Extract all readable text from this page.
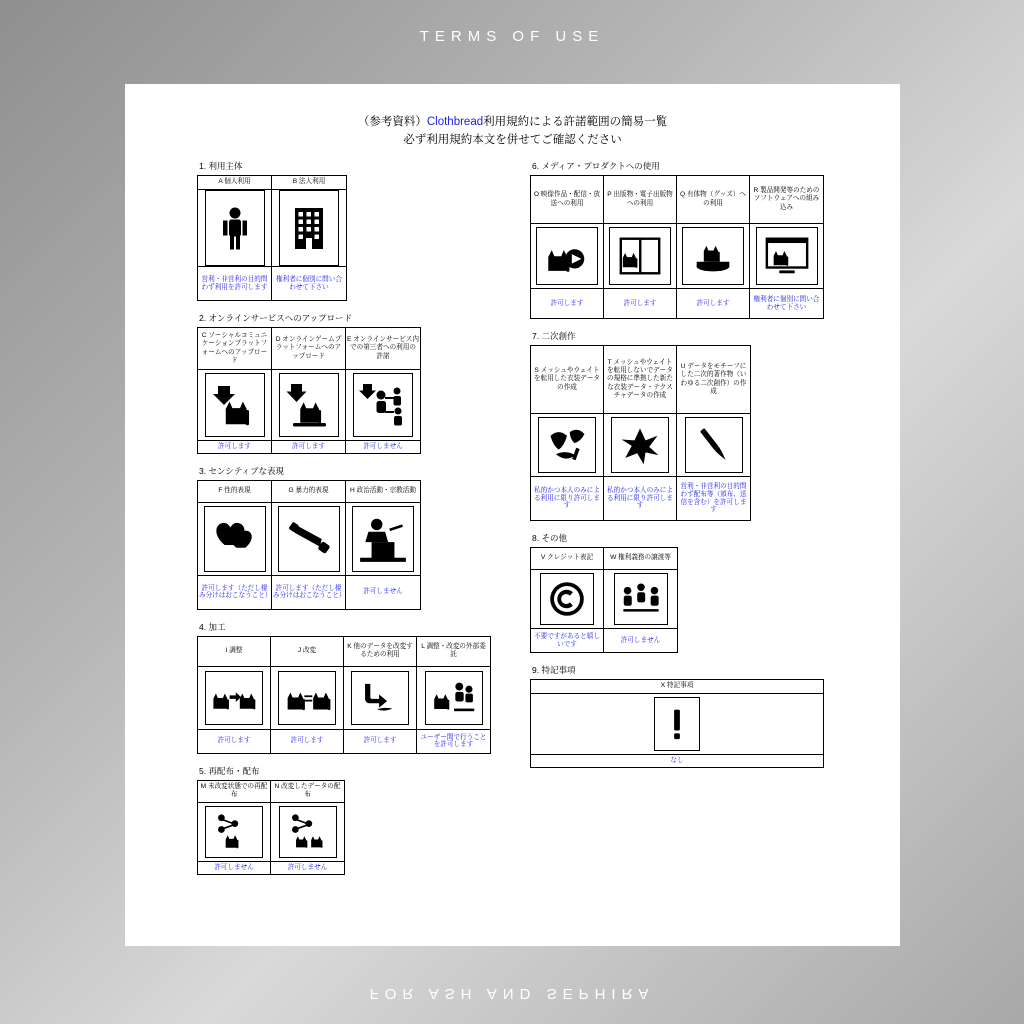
TERMS OF USE
FOR ASH AND SEPHIRA
（参考資料）Clothbread利用規約による許諾範囲の簡易一覧
必ず利用規約本文を併せてご確認ください
1. 利用主体
A 個人利用
営利・非営利の目的問わず利用を許可します
B 法人利用
権利者に個別に問い合わせて下さい
2. オンラインサービスへのアップロード
C ソーシャルコミュニケーションプラットフォームへのアップロード
許可します
D オンラインゲームプラットフォームへのアップロード
許可します
E オンラインサービス内での第三者への利用の許諾
許可しません
3. センシティブな表現
F 性的表現
許可します（ただし棲み分けはおこなうこと）
G 暴力的表現
許可します（ただし棲み分けはおこなうこと）
H 政治活動・宗教活動
許可しません
4. 加工
I 調整
許可します
J 改変
許可します
K 他のデータを改変するための利用
許可します
L 調整・改変の外部委託
ユーザー間で行うことを許可します
5. 再配布・配布
M 未改変状態での再配布
許可しません
N 改変したデータの配布
許可しません
6. メディア・プロダクトへの使用
O 映像作品・配信・放送への利用
許可します
P 出版物・電子出版物への利用
許可します
Q 有体物（グッズ）への利用
許可します
R 製品開発等のためのソフトウェアへの組み込み
権利者に個別に問い合わせて下さい
7. 二次創作
S メッシュやウェイトを転用した衣装データの作成
私的かつ本人のみによる利用に限り許可します
T メッシュやウェイトを転用しないでデータの規格に準拠した新たな衣装データ・テクスチャデータの作成
私的かつ本人のみによる利用に限り許可します
U データをモチーフにした二次的著作物（いわゆる二次創作）の作成
営利・非営利の目的問わず配布等（頒布、送信を含む）を許可します
8. その他
V クレジット表記
不要ですがあると嬉しいです
W 権利義務の譲渡等
許可しません
9. 特記事項
X 特記事項
なし
